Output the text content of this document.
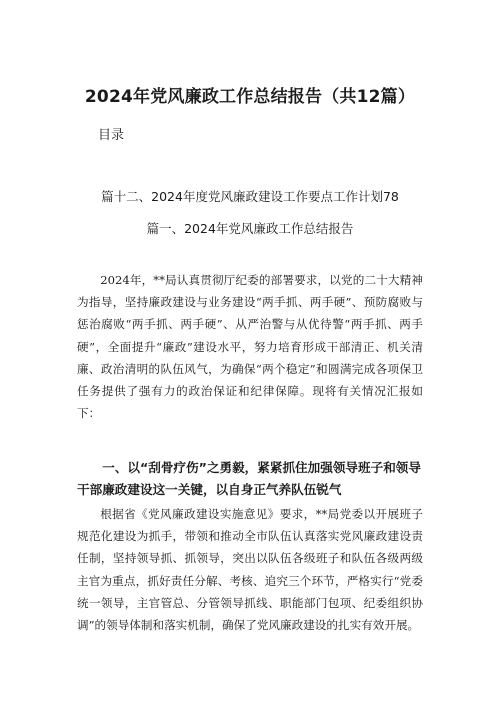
2024年党风廉政工作总结报告（共12篇）
目录
篇十二、2024年度党风廉政建设工作要点工作计划78
篇一、2024年党风廉政工作总结报告

2024年，**局认真贯彻厅纪委的部署要求，以党的二十大精神为指导，坚持廉政建设与业务建设“两手抓、两手硬”、预防腐败与惩治腐败“两手抓、两手硬”、从严治警与从优待警“两手抓、两手硬”，全面提升“廉政”建设水平，努力培育形成干部清正、机关清廉、政治清明的队伍风气，为确保“两个稳定”和圆满完成各项保卫任务提供了强有力的政治保证和纪律保障。现将有关情况汇报如下：

一、以“刮骨疗伤”之勇毅，紧紧抓住加强领导班子和领导干部廉政建设这一关键，以自身正气养队伍锐气

根据省《党风廉政建设实施意见》要求，**局党委以开展班子规范化建设为抓手，带领和推动全市队伍认真落实党风廉政建设责任制，坚持领导抓、抓领导，突出以队伍各级班子和队伍各级两级主官为重点，抓好责任分解、考核、追究三个环节，严格实行“党委统一领导，主官管总、分管领导抓线、职能部门包项、纪委组织协调”的领导体制和落实机制，确保了党风廉政建设的扎实有效开展。
